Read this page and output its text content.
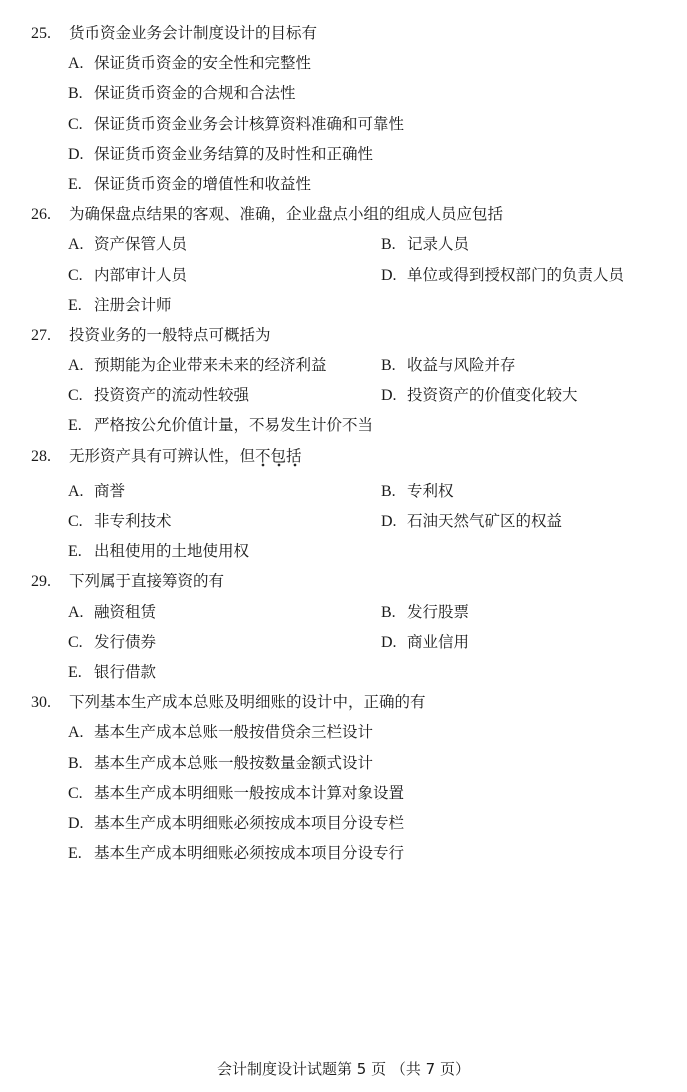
25. 货币资金业务会计制度设计的目标有
A. 保证货币资金的安全性和完整性
B. 保证货币资金的合规和合法性
C. 保证货币资金业务会计核算资料准确和可靠性
D. 保证货币资金业务结算的及时性和正确性
E. 保证货币资金的增值性和收益性
26. 为确保盘点结果的客观、准确，企业盘点小组的组成人员应包括
A. 资产保管人员	B. 记录人员
C. 内部审计人员	D. 单位或得到授权部门的负责人员
E. 注册会计师
27. 投资业务的一般特点可概括为
A. 预期能为企业带来未来的经济利益	B. 收益与风险并存
C. 投资资产的流动性较强	D. 投资资产的价值变化较大
E. 严格按公允价值计量，不易发生计价不当
28. 无形资产具有可辨认性，但不包括
A. 商誉	B. 专利权
C. 非专利技术	D. 石油天然气矿区的权益
E. 出租使用的土地使用权
29. 下列属于直接筹资的有
A. 融资租赁	B. 发行股票
C. 发行债券	D. 商业信用
E. 银行借款
30. 下列基本生产成本总账及明细账的设计中，正确的有
A. 基本生产成本总账一般按借贷余三栏设计
B. 基本生产成本总账一般按数量金额式设计
C. 基本生产成本明细账一般按成本计算对象设置
D. 基本生产成本明细账必须按成本项目分设专栏
E. 基本生产成本明细账必须按成本项目分设专行
会计制度设计试题第 5 页 （共 7 页）
